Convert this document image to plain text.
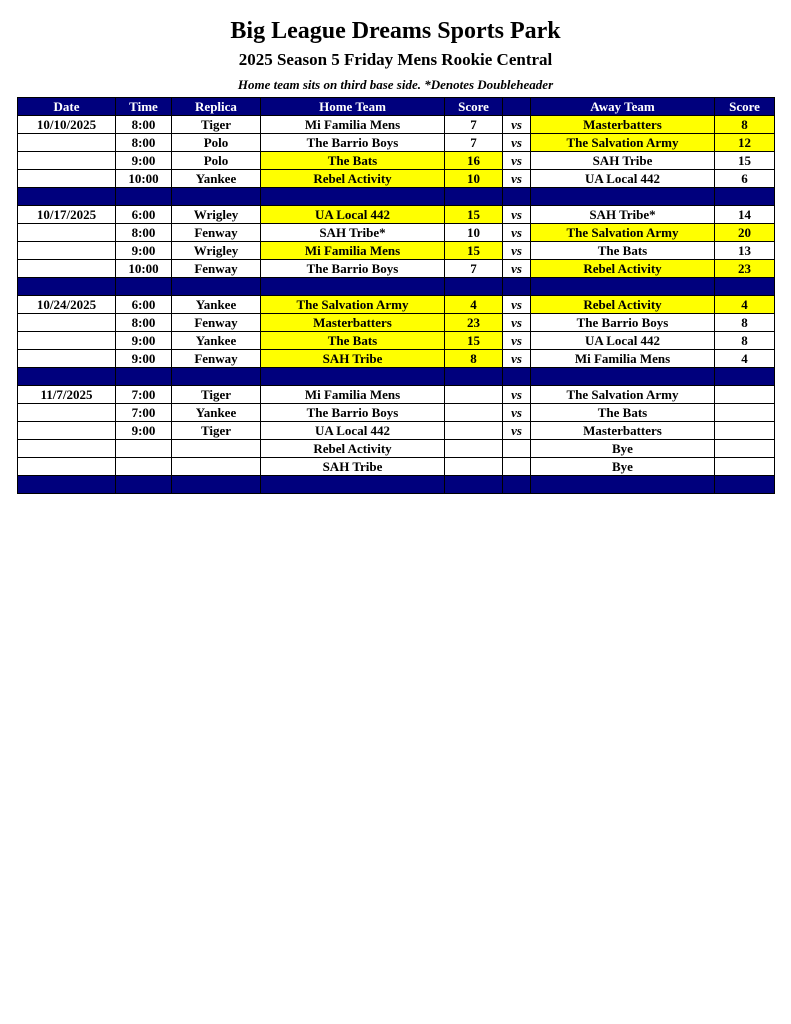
Big League Dreams Sports Park
2025 Season 5 Friday Mens Rookie Central
Home team sits on third base side. *Denotes Doubleheader
Date	Time	Replica	Home Team	Score		Away Team	Score
10/10/2025	8:00	Tiger	Mi Familia Mens	7	vs	Masterbatters	8
	8:00	Polo	The Barrio Boys	7	vs	The Salvation Army	12
	9:00	Polo	The Bats	16	vs	SAH Tribe	15
	10:00	Yankee	Rebel Activity	10	vs	UA Local 442	6

10/17/2025	6:00	Wrigley	UA Local 442	15	vs	SAH Tribe*	14
	8:00	Fenway	SAH Tribe*	10	vs	The Salvation Army	20
	9:00	Wrigley	Mi Familia Mens	15	vs	The Bats	13
	10:00	Fenway	The Barrio Boys	7	vs	Rebel Activity	23

10/24/2025	6:00	Yankee	The Salvation Army	4	vs	Rebel Activity	4
	8:00	Fenway	Masterbatters	23	vs	The Barrio Boys	8
	9:00	Yankee	The Bats	15	vs	UA Local 442	8
	9:00	Fenway	SAH Tribe	8	vs	Mi Familia Mens	4

11/7/2025	7:00	Tiger	Mi Familia Mens		vs	The Salvation Army	
	7:00	Yankee	The Barrio Boys		vs	The Bats	
	9:00	Tiger	UA Local 442		vs	Masterbatters	
			Rebel Activity			Bye	
			SAH Tribe			Bye	
